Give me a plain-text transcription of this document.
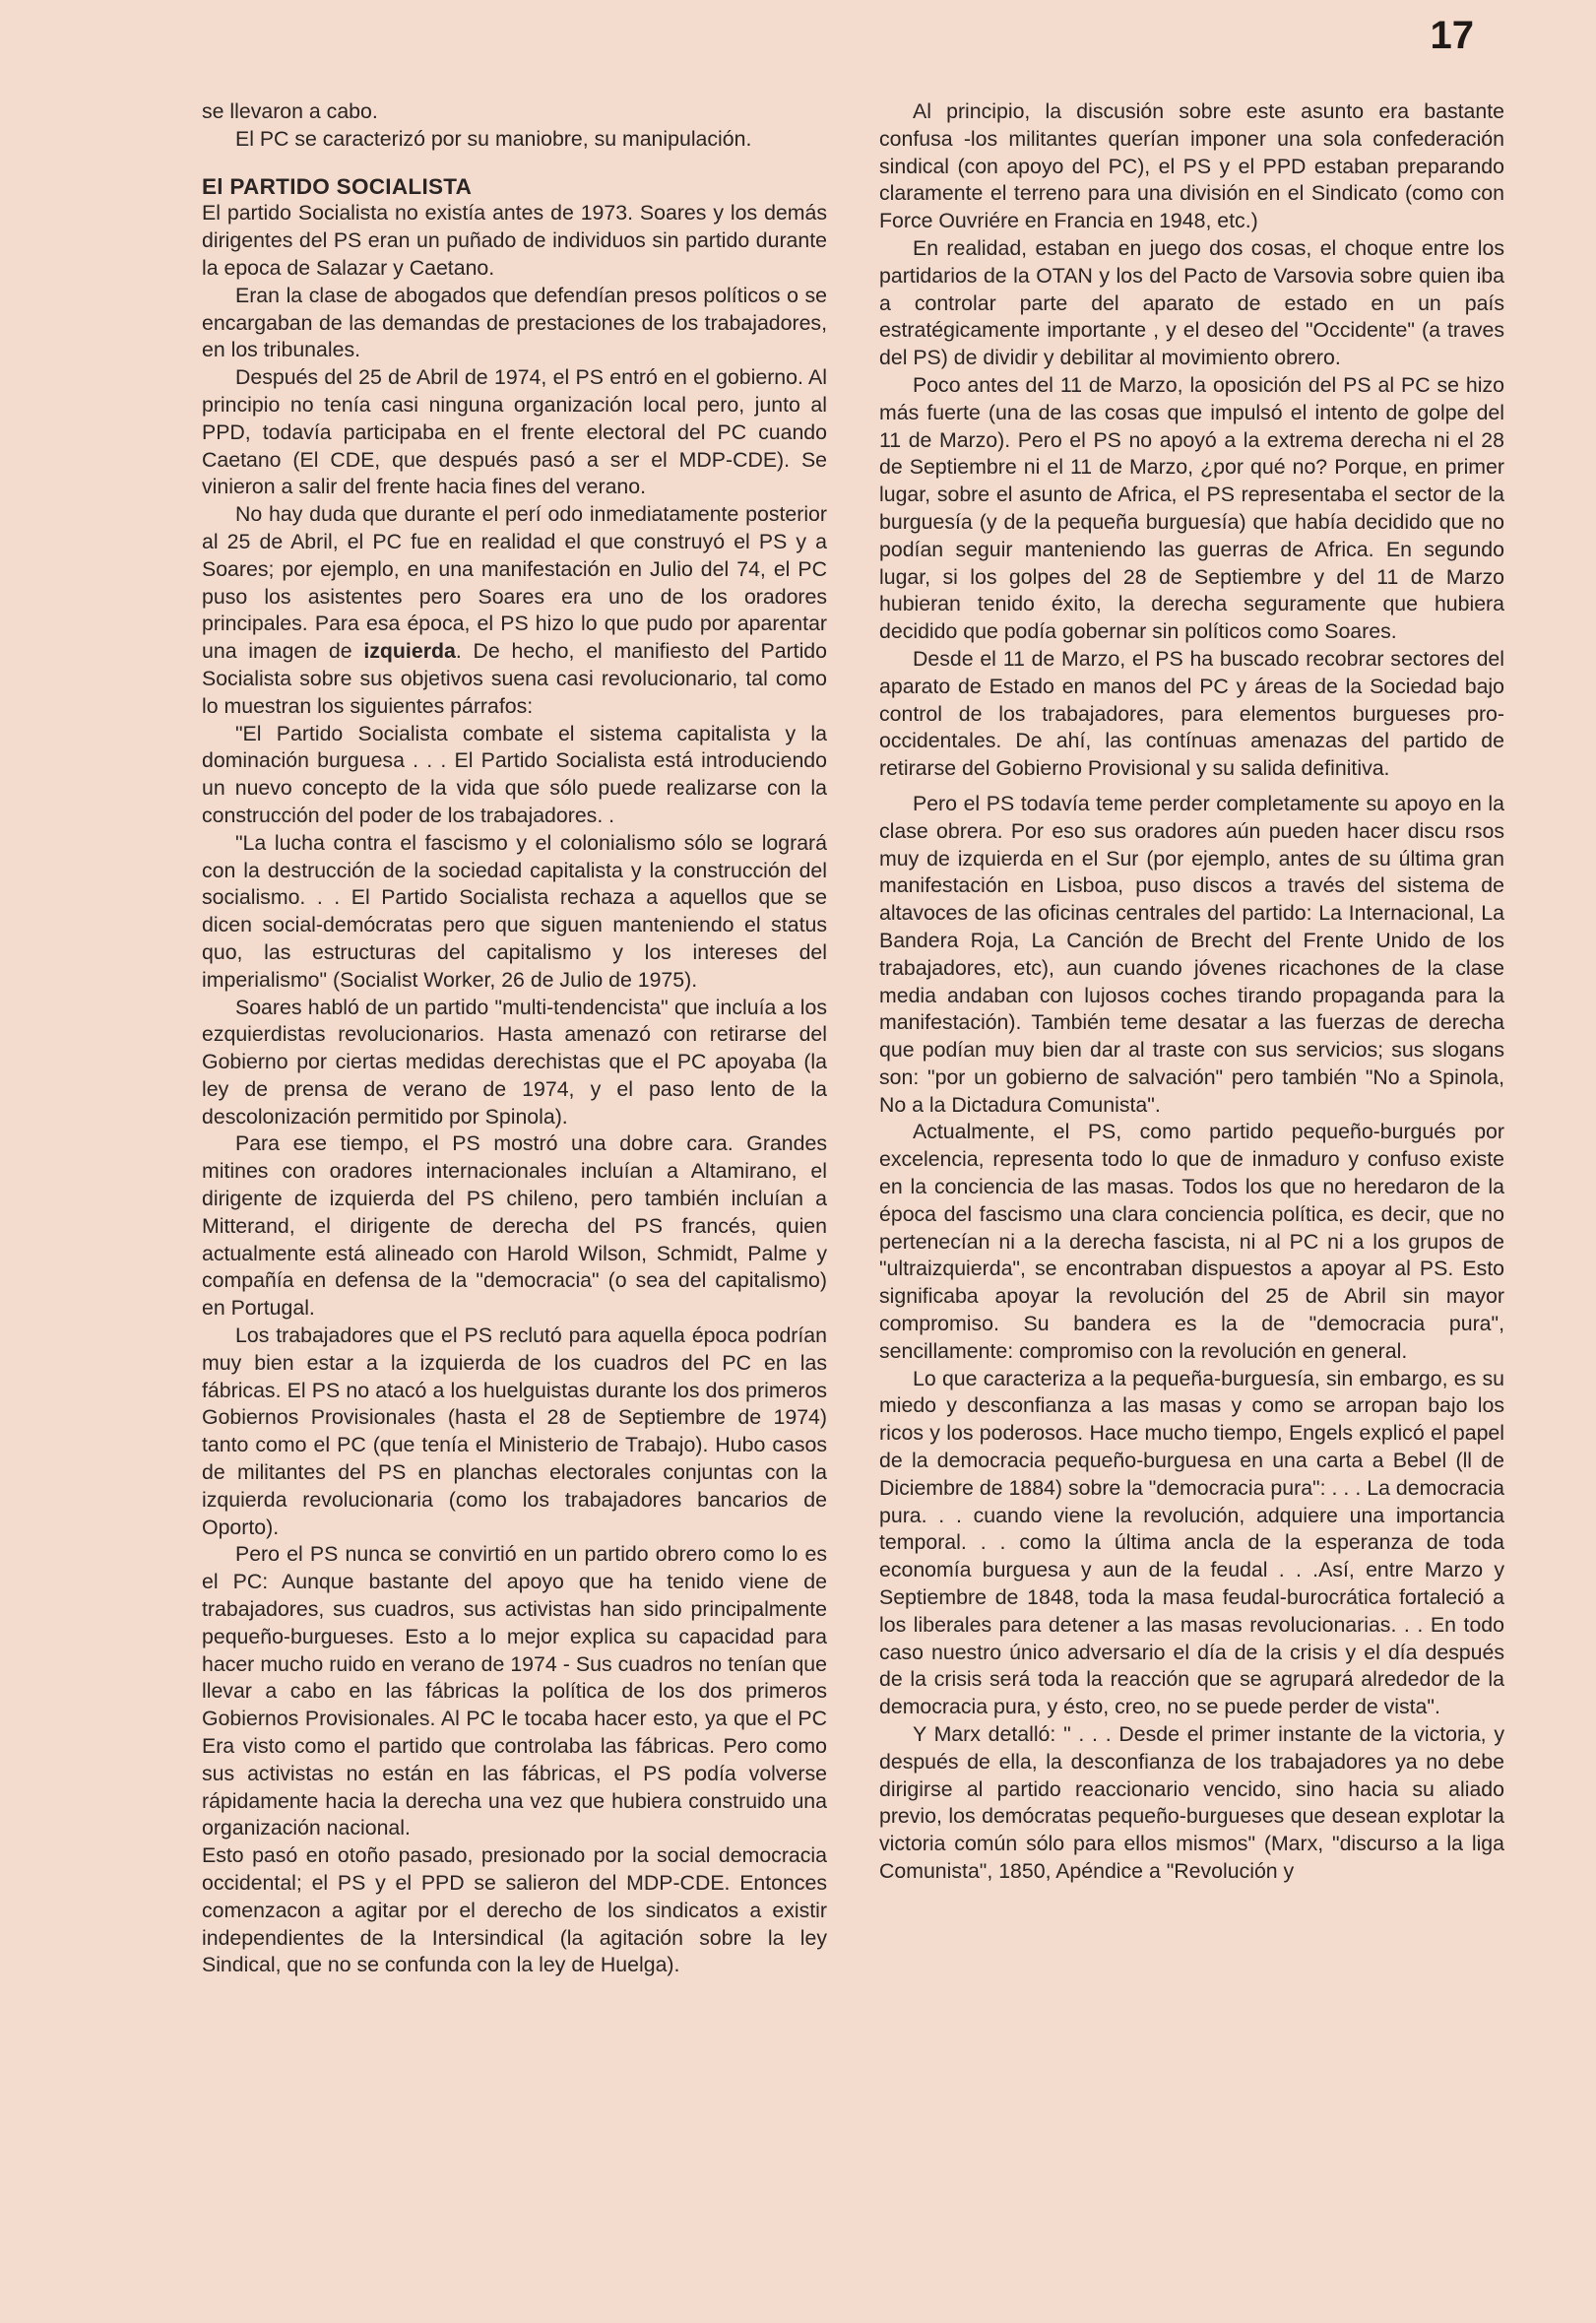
17

se llevaron a cabo.

El PC se caracterizó por su maniobre, su manipulación.

El PARTIDO SOCIALISTA

El partido Socialista no existía antes de 1973. Soares y los demás dirigentes del PS eran un puñado de individuos sin partido durante la epoca de Salazar y Caetano.

Eran la clase de abogados que defendían presos políticos o se encargaban de las demandas de prestaciones de los trabajadores, en los tribunales.

Después del 25 de Abril de 1974, el PS entró en el gobierno. Al principio no tenía casi ninguna organización local pero, junto al PPD, todavía participaba en el frente electoral del PC cuando Caetano (El CDE, que después pasó a ser el MDP-CDE). Se vinieron a salir del frente hacia fines del verano.

No hay duda que durante el perí odo inmediatamente posterior al 25 de Abril, el PC fue en realidad el que construyó el PS y a Soares; por ejemplo, en una manifestación en Julio del 74, el PC puso los asistentes pero Soares era uno de los oradores principales. Para esa época, el PS hizo lo que pudo por aparentar una imagen de izquierda. De hecho, el manifiesto del Partido Socialista sobre sus objetivos suena casi revolucionario, tal como lo muestran los siguientes párrafos:

"El Partido Socialista combate el sistema capitalista y la dominación burguesa . . . El Partido Socialista está introduciendo un nuevo concepto de la vida que sólo puede realizarse con la construcción del poder de los trabajadores. .

"La lucha contra el fascismo y el colonialismo sólo se logrará con la destrucción de la sociedad capitalista y la construcción del socialismo. . . El Partido Socialista rechaza a aquellos que se dicen social-demócratas pero que siguen manteniendo el status quo, las estructuras del capitalismo y los intereses del imperialismo" (Socialist Worker, 26 de Julio de 1975).

Soares habló de un partido "multi-tendencista" que incluía a los ezquierdistas revolucionarios. Hasta amenazó con retirarse del Gobierno por ciertas medidas derechistas que el PC apoyaba (la ley de prensa de verano de 1974, y el paso lento de la descolonización permitido por Spinola).

Para ese tiempo, el PS mostró una dobre cara. Grandes mitines con oradores internacionales incluían a Altamirano, el dirigente de izquierda del PS chileno, pero también incluían a Mitterand, el dirigente de derecha del PS francés, quien actualmente está alineado con Harold Wilson, Schmidt, Palme y compañía en defensa de la "democracia" (o sea del capitalismo) en Portugal.

Los trabajadores que el PS reclutó para aquella época podrían muy bien estar a la izquierda de los cuadros del PC en las fábricas. El PS no atacó a los huelguistas durante los dos primeros Gobiernos Provisionales (hasta el 28 de Septiembre de 1974) tanto como el PC (que tenía el Ministerio de Trabajo). Hubo casos de militantes del PS en planchas electorales conjuntas con la izquierda revolucionaria (como los trabajadores bancarios de Oporto).

Pero el PS nunca se convirtió en un partido obrero como lo es el PC: Aunque bastante del apoyo que ha tenido viene de trabajadores, sus cuadros, sus activistas han sido principalmente pequeño-burgueses. Esto a lo mejor explica su capacidad para hacer mucho ruido en verano de 1974 - Sus cuadros no tenían que llevar a cabo en las fábricas la política de los dos primeros Gobiernos Provisionales. Al PC le tocaba hacer esto, ya que el PC Era visto como el partido que controlaba las fábricas. Pero como sus activistas no están en las fábricas, el PS podía volverse rápidamente hacia la derecha una vez que hubiera construido una organización nacional.

Esto pasó en otoño pasado, presionado por la social democracia occidental; el PS y el PPD se salieron del MDP-CDE. Entonces comenzacon a agitar por el derecho de los sindicatos a existir independientes de la Intersindical (la agitación sobre la ley Sindical, que no se confunda con la ley de Huelga).

Al principio, la discusión sobre este asunto era bastante confusa -los militantes querían imponer una sola confederación sindical (con apoyo del PC), el PS y el PPD estaban preparando claramente el terreno para una división en el Sindicato (como con Force Ouvriére en Francia en 1948, etc.)

En realidad, estaban en juego dos cosas, el choque entre los partidarios de la OTAN y los del Pacto de Varsovia sobre quien iba a controlar parte del aparato de estado en un país estratégicamente importante , y el deseo del "Occidente" (a traves del PS) de dividir y debilitar al movimiento obrero.

Poco antes del 11 de Marzo, la oposición del PS al PC se hizo más fuerte (una de las cosas que impulsó el intento de golpe del 11 de Marzo). Pero el PS no apoyó a la extrema derecha ni el 28 de Septiembre ni el 11 de Marzo, ¿por qué no? Porque, en primer lugar, sobre el asunto de Africa, el PS representaba el sector de la burguesía (y de la pequeña burguesía) que había decidido que no podían seguir manteniendo las guerras de Africa. En segundo lugar, si los golpes del 28 de Septiembre y del 11 de Marzo hubieran tenido éxito, la derecha seguramente que hubiera decidido que podía gobernar sin políticos como Soares.

Desde el 11 de Marzo, el PS ha buscado recobrar sectores del aparato de Estado en manos del PC y áreas de la Sociedad bajo control de los trabajadores, para elementos burgueses pro-occidentales. De ahí, las contínuas amenazas del partido de retirarse del Gobierno Provisional y su salida definitiva.

Pero el PS todavía teme perder completamente su apoyo en la clase obrera. Por eso sus oradores aún pueden hacer discu rsos muy de izquierda en el Sur (por ejemplo, antes de su última gran manifestación en Lisboa, puso discos a través del sistema de altavoces de las oficinas centrales del partido: La Internacional, La Bandera Roja, La Canción de Brecht del Frente Unido de los trabajadores, etc), aun cuando jóvenes ricachones de la clase media andaban con lujosos coches tirando propaganda para la manifestación). También teme desatar a las fuerzas de derecha que podían muy bien dar al traste con sus servicios; sus slogans son: "por un gobierno de salvación" pero también "No a Spinola, No a la Dictadura Comunista".

Actualmente, el PS, como partido pequeño-burgués por excelencia, representa todo lo que de inmaduro y confuso existe en la conciencia de las masas. Todos los que no heredaron de la época del fascismo una clara conciencia política, es decir, que no pertenecían ni a la derecha fascista, ni al PC ni a los grupos de "ultraizquierda", se encontraban dispuestos a apoyar al PS. Esto significaba apoyar la revolución del 25 de Abril sin mayor compromiso. Su bandera es la de "democracia pura", sencillamente: compromiso con la revolución en general.

Lo que caracteriza a la pequeña-burguesía, sin embargo, es su miedo y desconfianza a las masas y como se arropan bajo los ricos y los poderosos. Hace mucho tiempo, Engels explicó el papel de la democracia pequeño-burguesa en una carta a Bebel (ll de Diciembre de 1884) sobre la "democracia pura": . . . La democracia pura. . . cuando viene la revolución, adquiere una importancia temporal. . . como la última ancla de la esperanza de toda economía burguesa y aun de la feudal . . .Así, entre Marzo y Septiembre de 1848, toda la masa feudal-burocrática fortaleció a los liberales para detener a las masas revolucionarias. . . En todo caso nuestro único adversario el día de la crisis y el día después de la crisis será toda la reacción que se agrupará alrededor de la democracia pura, y ésto, creo, no se puede perder de vista".

Y Marx detalló: " . . . Desde el primer instante de la victoria, y después de ella, la desconfianza de los trabajadores ya no debe dirigirse al partido reaccionario vencido, sino hacia su aliado previo, los demócratas pequeño-burgueses que desean explotar la victoria común sólo para ellos mismos" (Marx, "discurso a la liga Comunista", 1850, Apéndice a "Revolución y
